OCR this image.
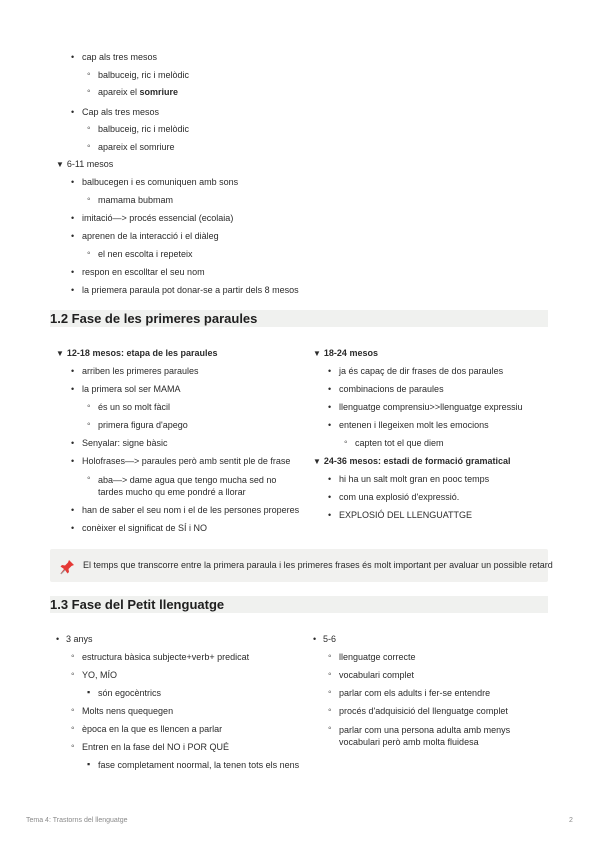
•
cap als tres mesos
◦
balbuceig, ric i melòdic
◦
apareix el somriure
•
Cap als tres mesos
◦
balbuceig, ric i melòdic
◦
apareix el somriure
▼ 6-11 mesos
•
balbucegen i es comuniquen amb sons
◦
mamama bubmam
•
imitació—> procés essencial (ecolaia)
•
aprenen de la interacció i el diàleg
◦
el nen escolta i repeteix
•
respon en escolltar el seu nom
•
la priemera paraula pot donar-se a partir dels 8 mesos
1.2 Fase de les primeres paraules
▼ 12-18 mesos: etapa de les paraules
•
arriben les primeres paraules
•
la primera sol ser MAMA
◦
és un so molt fàcil
◦
primera figura d'apego
•
Senyalar: signe bàsic
•
Holofrases—> paraules però amb sentit ple de frase
◦
aba—> dame agua que tengo mucha sed no tardes mucho qu eme pondré a llorar
•
han de saber el seu nom i el de les persones properes
•
conèixer el significat de SÍ i NO
▼ 18-24 mesos
•
ja és capaç de dir frases de dos paraules
•
combinacions de paraules
•
llenguatge comprensiu>>llenguatge expressiu
•
entenen i llegeixen molt les emocions
◦
capten tot el que diem
▼ 24-36 mesos: estadi de formació gramatical
•
hi ha un salt molt gran en pooc temps
•
com una explosió d'expressió.
•
EXPLOSIÓ DEL LLENGUATTGE
El temps que transcorre entre la primera paraula i les primeres frases és molt important per avaluar un possible retard
1.3 Fase del Petit llenguatge
•
3 anys
◦
estructura bàsica subjecte+verb+ predicat
◦
YO, MÍO
▪
són egocèntrics
◦
Molts nens quequegen
◦
època en la que es llencen a parlar
◦
Entren en la fase del NO i POR QUÉ
▪
fase completament noormal, la tenen tots els nens
•
5-6
◦
llenguatge correcte
◦
vocabulari complet
◦
parlar com els adults i fer-se entendre
◦
procés d'adquisició del llenguatge complet
◦
parlar com una persona adulta amb menys vocabulari però amb molta fluidesa
Tema 4: Trastorns del llenguatge	2
